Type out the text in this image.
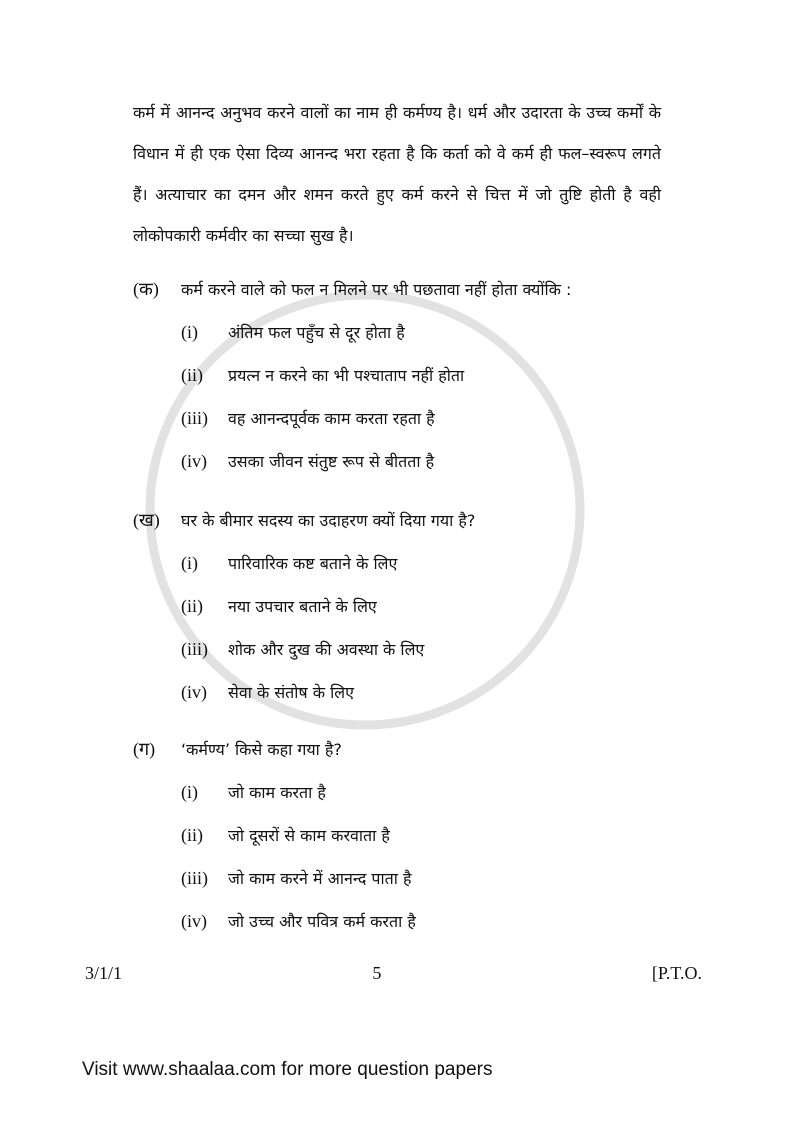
कर्म में आनन्द अनुभव करने वालों का नाम ही कर्मण्य है। धर्म और उदारता के उच्च कर्मों के विधान में ही एक ऐसा दिव्य आनन्द भरा रहता है कि कर्ता को वे कर्म ही फल–स्वरूप लगते हैं। अत्याचार का दमन और शमन करते हुए कर्म करने से चित्त में जो तुष्टि होती है वही लोकोपकारी कर्मवीर का सच्चा सुख है।

(क)	कर्म करने वाले को फल न मिलने पर भी पछतावा नहीं होता क्योंकि :
(i)	अंतिम फल पहुँच से दूर होता है
(ii)	प्रयत्न न करने का भी पश्चाताप नहीं होता
(iii)	वह आनन्दपूर्वक काम करता रहता है
(iv)	उसका जीवन संतुष्ट रूप से बीतता है
(ख)	घर के बीमार सदस्य का उदाहरण क्यों दिया गया है?
(i)	पारिवारिक कष्ट बताने के लिए
(ii)	नया उपचार बताने के लिए
(iii)	शोक और दुख की अवस्था के लिए
(iv)	सेवा के संतोष के लिए
(ग)	‘कर्मण्य’ किसे कहा गया है?
(i)	जो काम करता है
(ii)	जो दूसरों से काम करवाता है
(iii)	जो काम करने में आनन्द पाता है
(iv)	जो उच्च और पवित्र कर्म करता है
3/1/1	5	[P.T.O.
Visit www.shaalaa.com for more question papers
